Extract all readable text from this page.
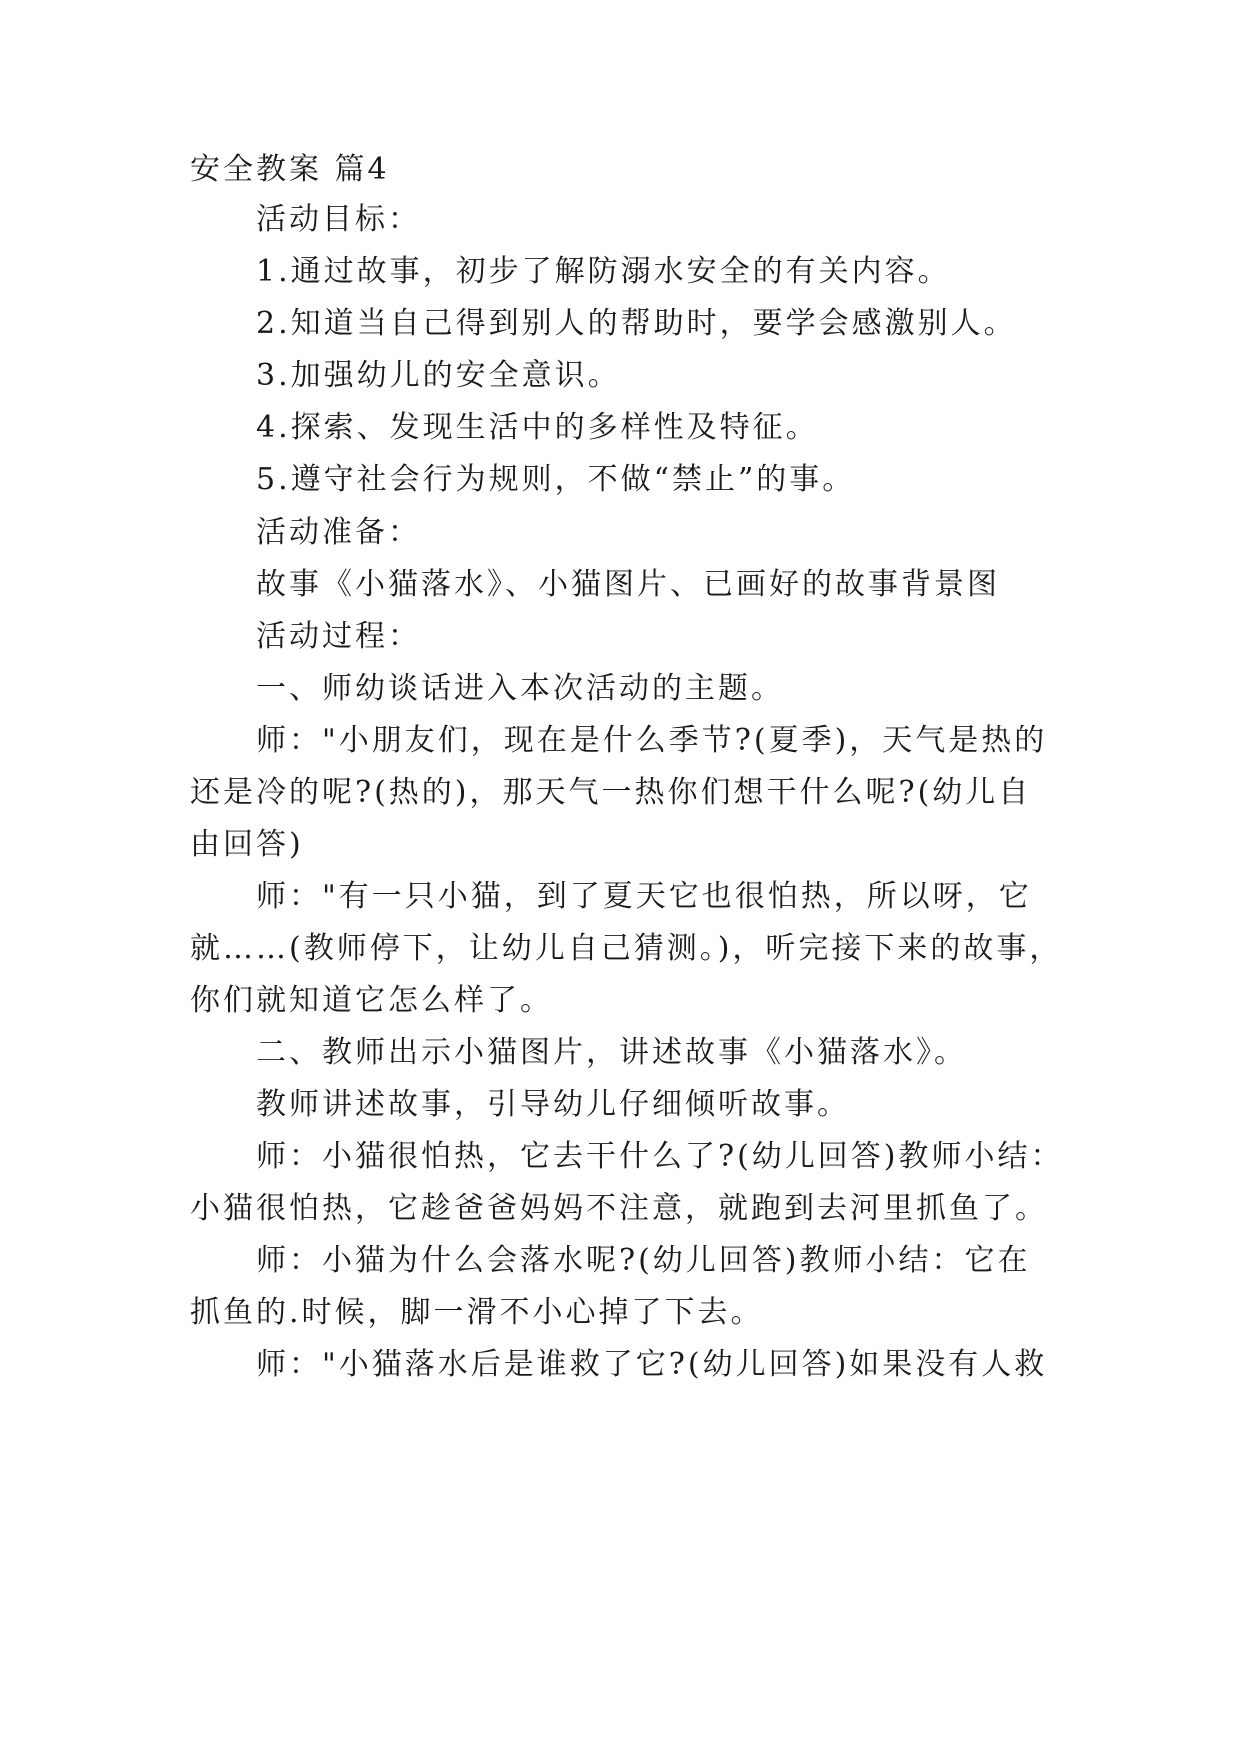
安全教案 篇4
活动目标：
1.通过故事，初步了解防溺水安全的有关内容。
2.知道当自己得到别人的帮助时，要学会感激别人。
3.加强幼儿的安全意识。
4.探索、发现生活中的多样性及特征。
5.遵守社会行为规则，不做“禁止”的事。
活动准备：
故事《小猫落水》、小猫图片、已画好的故事背景图
活动过程：
一、师幼谈话进入本次活动的主题。
师："小朋友们，现在是什么季节?(夏季)，天气是热的
还是冷的呢?(热的)，那天气一热你们想干什么呢?(幼儿自
由回答)
师："有一只小猫，到了夏天它也很怕热，所以呀，它
就……(教师停下，让幼儿自己猜测。)，听完接下来的故事，
你们就知道它怎么样了。
二、教师出示小猫图片，讲述故事《小猫落水》。
教师讲述故事，引导幼儿仔细倾听故事。
师：小猫很怕热，它去干什么了?(幼儿回答)教师小结：
小猫很怕热，它趁爸爸妈妈不注意，就跑到去河里抓鱼了。
师：小猫为什么会落水呢?(幼儿回答)教师小结：它在
抓鱼的.时候，脚一滑不小心掉了下去。
师："小猫落水后是谁救了它?(幼儿回答)如果没有人救
